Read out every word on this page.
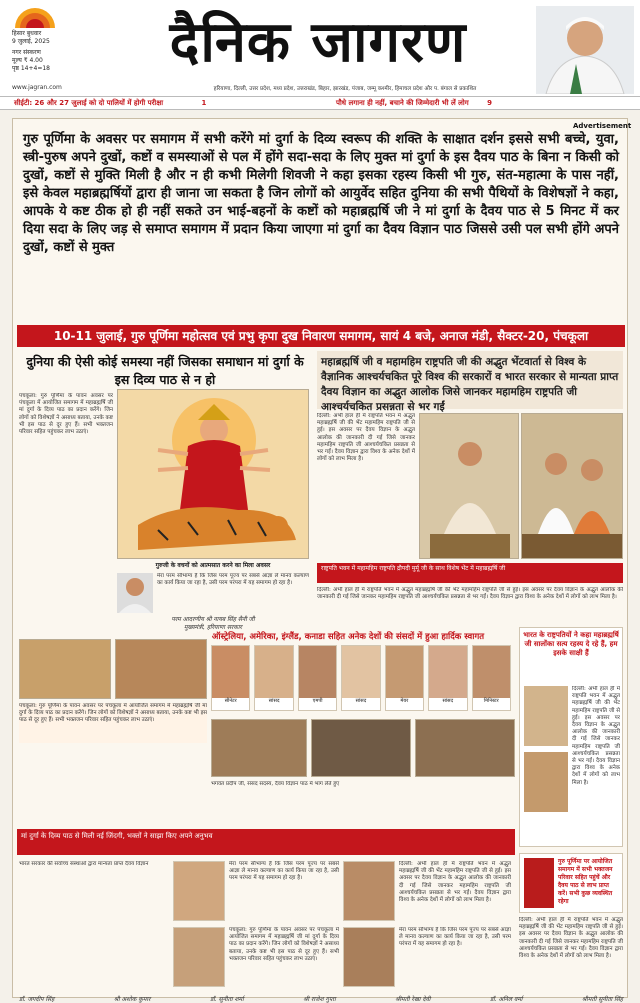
हिसार बुधवार
9 जुलाई, 2025
नगर संस्करण
मूल्य ₹ 4.00
पृष्ठ 14+4=18	दैनिक जागरण
www.jagran.com	हरियाणा, दिल्ली, उत्तर प्रदेश, मध्य प्रदेश, उत्तराखंड, बिहार, झारखंड, पंजाब, जम्मू कश्मीर, हिमाचल प्रदेश और प. बंगाल से प्रकाशित
सीईटी: 26 और 27 जुलाई को दो पालियों में होगी परीक्षा	1	पौधे लगाना ही नहीं, बचाने की जिम्मेदारी भी लें लोग	9
Advertisement
गुरु पूर्णिमा के अवसर पर समागम में सभी करेंगे मां दुर्गा के दिव्य स्वरूप की शक्ति के साक्षात दर्शन इससे सभी बच्चे, युवा, स्त्री-पुरुष अपने दुखों, कष्टों व समस्याओं से पल में होंगे सदा-सदा के लिए मुक्त मां दुर्गा के इस दैवय पाठ के बिना न किसी को दुखों, कष्टों से मुक्ति मिली है और न ही कभी मिलेगी शिवजी ने कहा इसका रहस्य किसी भी गुरु, संत-महात्मा के पास नहीं, इसे केवल महाब्रह्मर्षियों द्वारा ही जाना जा सकता है जिन लोगों को आयुर्वेद सहित दुनिया की सभी पैथियों के विशेषज्ञों ने कहा, आपके ये कष्ट ठीक हो ही नहीं सकते उन भाई-बहनों के कष्टों को महाब्रह्मर्षि जी ने मां दुर्गा के दैवय पाठ से 5 मिनट में कर दिया सदा के लिए जड़ से समाप्त समागम में प्रदान किया जाएगा मां दुर्गा का दैवय विज्ञान पाठ जिससे उसी पल सभी होंगे अपने दुखों, कष्टों से मुक्त
10-11 जुलाई, गुरु पूर्णिमा महोत्सव एवं प्रभु कृपा दुख निवारण समागम, सायं 4 बजे, अनाज मंडी, सैक्टर-20, पंचकूला
दुनिया की ऐसी कोई समस्या नहीं जिसका समाधान मां दुर्गा के इस दिव्य पाठ से न हो
महाब्रह्मर्षि जी व महामहिम राष्ट्रपति जी की अद्भुत भेंटवार्ता से विश्व के वैज्ञानिक आश्चर्यचकित पूरे विश्व की सरकारों व भारत सरकार से मान्यता प्राप्त दैवय विज्ञान का अद्भुत आलोक जिसे जानकर महामहिम राष्ट्रपति जी आश्चर्यचकित प्रसन्नता से भर गईं
पंचकूला: गुरु पूर्णिमा के पावन अवसर पर पंचकूला में आयोजित समागम में महाब्रह्मर्षि जी मां दुर्गा के दिव्य पाठ का प्रदान करेंगे। जिन लोगों को विशेषज्ञों ने असाध्य बताया, उनके कष्ट भी इस पाठ से दूर हुए हैं। सभी भक्तजन परिवार सहित पहुंचकर लाभ उठाएं।
गुरुजी के वचनों को आत्मसात करने का मिला अवसर
मेरा परम सौभाग्य है कि जिस परम पूज्य पर सबसे आज्ञा ले मानव कल्याण का कार्य किया जा रहा है, उसी परम परंपरा में यह समागम हो रहा है।
परम आदरणीय श्री नायब सिंह सैनी जी
मुख्यमंत्री, हरियाणा सरकार
दिल्ली: अभी हाल ही में राष्ट्रपति भवन में अद्भुत महाब्रह्मर्षि जी की भेंट महामहिम राष्ट्रपति जी से हुई। इस अवसर पर दैवय विज्ञान के अद्भुत आलोक की जानकारी दी गई जिसे जानकर महामहिम राष्ट्रपति जी आश्चर्यचकित प्रसन्नता से भर गईं। दैवय विज्ञान द्वारा विश्व के अनेक देशों में लोगों को लाभ मिला है।
राष्ट्रपति भवन में महामहिम राष्ट्रपति द्रौपदी मुर्मू जी के साथ विशेष भेंट में महाब्रह्मर्षि जी
दिल्ली: अभी हाल ही में राष्ट्रपति भवन में अद्भुत महाब्रह्मर्षि जी की भेंट महामहिम राष्ट्रपति जी से हुई। इस अवसर पर दैवय विज्ञान के अद्भुत आलोक की जानकारी दी गई जिसे जानकर महामहिम राष्ट्रपति जी आश्चर्यचकित प्रसन्नता से भर गईं। दैवय विज्ञान द्वारा विश्व के अनेक देशों में लोगों को लाभ मिला है।
पंचकूला: गुरु पूर्णिमा के पावन अवसर पर पंचकूला में आयोजित समागम में महाब्रह्मर्षि जी मां दुर्गा के दिव्य पाठ का प्रदान करेंगे। जिन लोगों को विशेषज्ञों ने असाध्य बताया, उनके कष्ट भी इस पाठ से दूर हुए हैं। सभी भक्तजन परिवार सहित पहुंचकर लाभ उठाएं।
ऑस्ट्रेलिया, अमेरिका, इंग्लैंड, कनाडा सहित अनेक देशों की संसदों में हुआ हार्दिक स्वागत
सीनेटर	सांसद	एमपी	सांसद	मेयर	सांसद	मिनिस्टर
भगवंत प्रदीप जी, संसद सदस्य, दैवय विज्ञान पाठ में भाग लेते हुए
भारत के राष्ट्रपतियों ने कहा महाब्रह्मर्षि जी सालोंका सत्य रहस्य दे रहे हैं, हम इसके साक्षी हैं
दिल्ली: अभी हाल ही में राष्ट्रपति भवन में अद्भुत महाब्रह्मर्षि जी की भेंट महामहिम राष्ट्रपति जी से हुई। इस अवसर पर दैवय विज्ञान के अद्भुत आलोक की जानकारी दी गई जिसे जानकर महामहिम राष्ट्रपति जी आश्चर्यचकित प्रसन्नता से भर गईं। दैवय विज्ञान द्वारा विश्व के अनेक देशों में लोगों को लाभ मिला है।
मां दुर्गा के दिव्य पाठ से मिली नई जिंदगी, भक्तों ने साझा किए अपने अनुभव
भारत सरकार की सर्वोच्च संस्थाओं द्वारा मान्यता प्राप्त दैवय विज्ञान	मेरा परम सौभाग्य है कि जिस परम पूज्य पर सबसे आज्ञा ले मानव कल्याण का कार्य किया जा रहा है, उसी परम परंपरा में यह समागम हो रहा है।
दिल्ली: अभी हाल ही में राष्ट्रपति भवन में अद्भुत महाब्रह्मर्षि जी की भेंट महामहिम राष्ट्रपति जी से हुई। इस अवसर पर दैवय विज्ञान के अद्भुत आलोक की जानकारी दी गई जिसे जानकर महामहिम राष्ट्रपति जी आश्चर्यचकित प्रसन्नता से भर गईं। दैवय विज्ञान द्वारा विश्व के अनेक देशों में लोगों को लाभ मिला है।
पंचकूला: गुरु पूर्णिमा के पावन अवसर पर पंचकूला में आयोजित समागम में महाब्रह्मर्षि जी मां दुर्गा के दिव्य पाठ का प्रदान करेंगे। जिन लोगों को विशेषज्ञों ने असाध्य बताया, उनके कष्ट भी इस पाठ से दूर हुए हैं। सभी भक्तजन परिवार सहित पहुंचकर लाभ उठाएं।
मेरा परम सौभाग्य है कि जिस परम पूज्य पर सबसे आज्ञा ले मानव कल्याण का कार्य किया जा रहा है, उसी परम परंपरा में यह समागम हो रहा है।
गुरु पूर्णिमा पर आयोजित समागम में सभी भक्तजन परिवार सहित पहुंचें और दैवय पाठ से लाभ प्राप्त करें। सभी कुछ व्यवस्थित रहेगा
दिल्ली: अभी हाल ही में राष्ट्रपति भवन में अद्भुत महाब्रह्मर्षि जी की भेंट महामहिम राष्ट्रपति जी से हुई। इस अवसर पर दैवय विज्ञान के अद्भुत आलोक की जानकारी दी गई जिसे जानकर महामहिम राष्ट्रपति जी आश्चर्यचकित प्रसन्नता से भर गईं। दैवय विज्ञान द्वारा विश्व के अनेक देशों में लोगों को लाभ मिला है।
डॉ. जगदीप सिंह	श्री अशोक कुमार	डॉ. सुनीता शर्मा	श्री राजेश गुप्ता	श्रीमती रेखा देवी	डॉ. अनिल वर्मा	श्रीमती सुनीता सिंह
